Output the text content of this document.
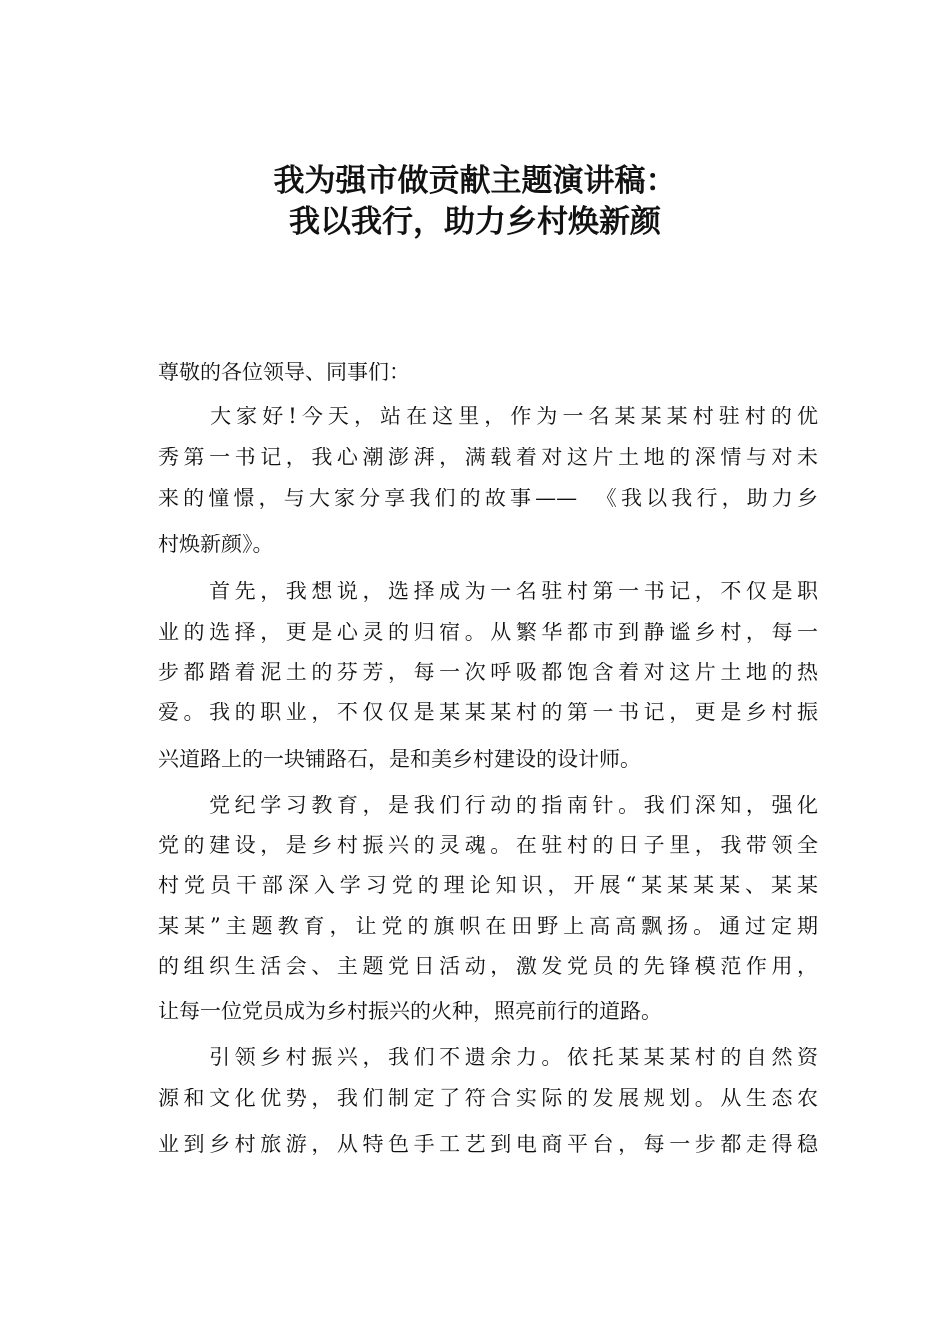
我为强市做贡献主题演讲稿：
我以我行，助力乡村焕新颜

尊敬的各位领导、同事们：

　　大家好!今天，站在这里，作为一名某某某村驻村的优

秀第一书记，我心潮澎湃，满载着对这片土地的深情与对未

来的憧憬，与大家分享我们的故事——　《我以我行，助力乡

村焕新颜》。

　　首先，我想说，选择成为一名驻村第一书记，不仅是职

业的选择，更是心灵的归宿。从繁华都市到静谧乡村，每一

步都踏着泥土的芬芳，每一次呼吸都饱含着对这片土地的热

爱。我的职业，不仅仅是某某某村的第一书记，更是乡村振

兴道路上的一块铺路石，是和美乡村建设的设计师。

　　党纪学习教育，是我们行动的指南针。我们深知，强化

党的建设，是乡村振兴的灵魂。在驻村的日子里，我带领全

村党员干部深入学习党的理论知识，开展“某某某某、某某

某某”主题教育，让党的旗帜在田野上高高飘扬。通过定期

的组织生活会、主题党日活动，激发党员的先锋模范作用，

让每一位党员成为乡村振兴的火种，照亮前行的道路。

　　引领乡村振兴，我们不遗余力。依托某某某村的自然资

源和文化优势，我们制定了符合实际的发展规划。从生态农

业到乡村旅游，从特色手工艺到电商平台，每一步都走得稳
